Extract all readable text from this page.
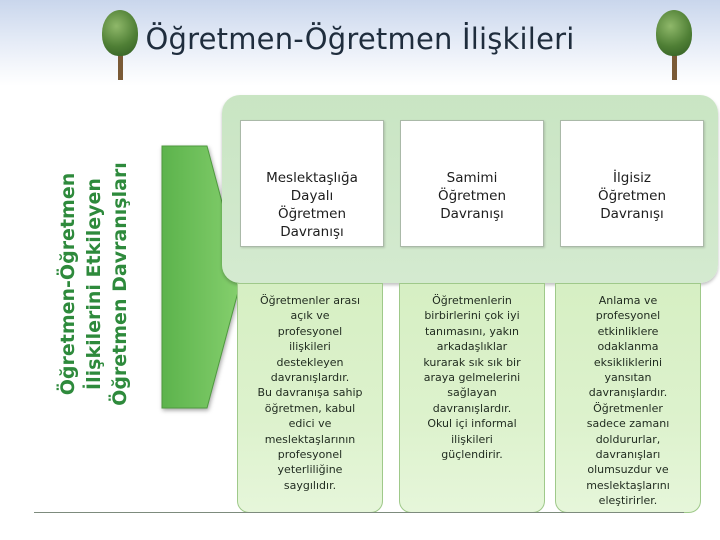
Öğretmen-Öğretmen İlişkileri
Öğretmen-Öğretmen
İlişkilerini Etkileyen
Öğretmen Davranışları	Meslektaşlığa
Dayalı
Öğretmen
Davranışı
Öğretmenler arası
açık ve
profesyonel
ilişkileri
destekleyen
davranışlardır.
Bu davranışa sahip
öğretmen, kabul
edici ve
meslektaşlarının
profesyonel
yeterliliğine
saygılıdır.
Samimi
Öğretmen
Davranışı
Öğretmenlerin
birbirlerini çok iyi
tanımasını, yakın
arkadaşlıklar
kurarak sık sık bir
araya gelmelerini
sağlayan
davranışlardır.
Okul içi informal
ilişkileri
güçlendirir.
İlgisiz
Öğretmen
Davranışı
Anlama ve
profesyonel
etkinliklere
odaklanma
eksikliklerini
yansıtan
davranışlardır.
Öğretmenler
sadece zamanı
doldururlar,
davranışları
olumsuzdur ve
meslektaşlarını
eleştirirler.
